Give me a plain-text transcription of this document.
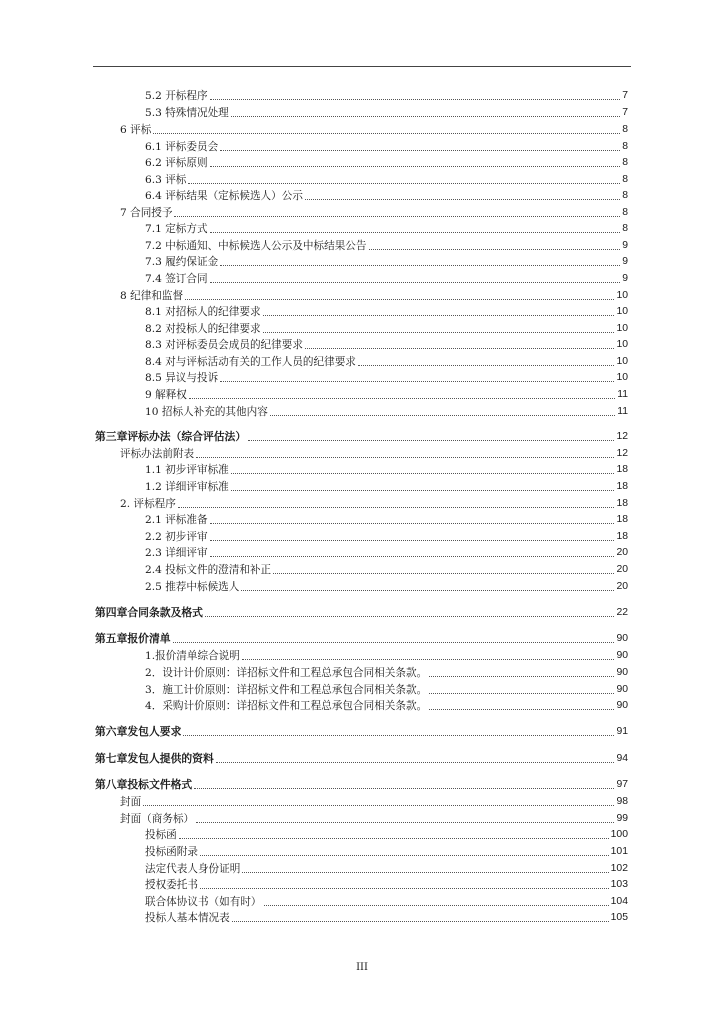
5.2 开标程序	7
5.3 特殊情况处理	7
6 评标	8
6.1 评标委员会	8
6.2 评标原则	8
6.3 评标	8
6.4 评标结果（定标候选人）公示	8
7 合同授予	8
7.1 定标方式	8
7.2 中标通知、中标候选人公示及中标结果公告	9
7.3 履约保证金	9
7.4 签订合同	9
8 纪律和监督	10
8.1 对招标人的纪律要求	10
8.2 对投标人的纪律要求	10
8.3 对评标委员会成员的纪律要求	10
8.4 对与评标活动有关的工作人员的纪律要求	10
8.5 异议与投诉	10
9 解释权	11
10 招标人补充的其他内容	11
第三章评标办法（综合评估法）	12
评标办法前附表	12
1.1 初步评审标准	18
1.2 详细评审标准	18
2. 评标程序	18
2.1 评标准备	18
2.2 初步评审	18
2.3 详细评审	20
2.4 投标文件的澄清和补正	20
2.5 推荐中标候选人	20
第四章合同条款及格式	22
第五章报价清单	90
1.报价清单综合说明	90
2．设计计价原则：详招标文件和工程总承包合同相关条款。	90
3．施工计价原则：详招标文件和工程总承包合同相关条款。	90
4．采购计价原则：详招标文件和工程总承包合同相关条款。	90
第六章发包人要求	91
第七章发包人提供的资料	94
第八章投标文件格式	97
封面	98
封面（商务标）	99
投标函	100
投标函附录	101
法定代表人身份证明	102
授权委托书	103
联合体协议书（如有时）	104
投标人基本情况表	105
III
